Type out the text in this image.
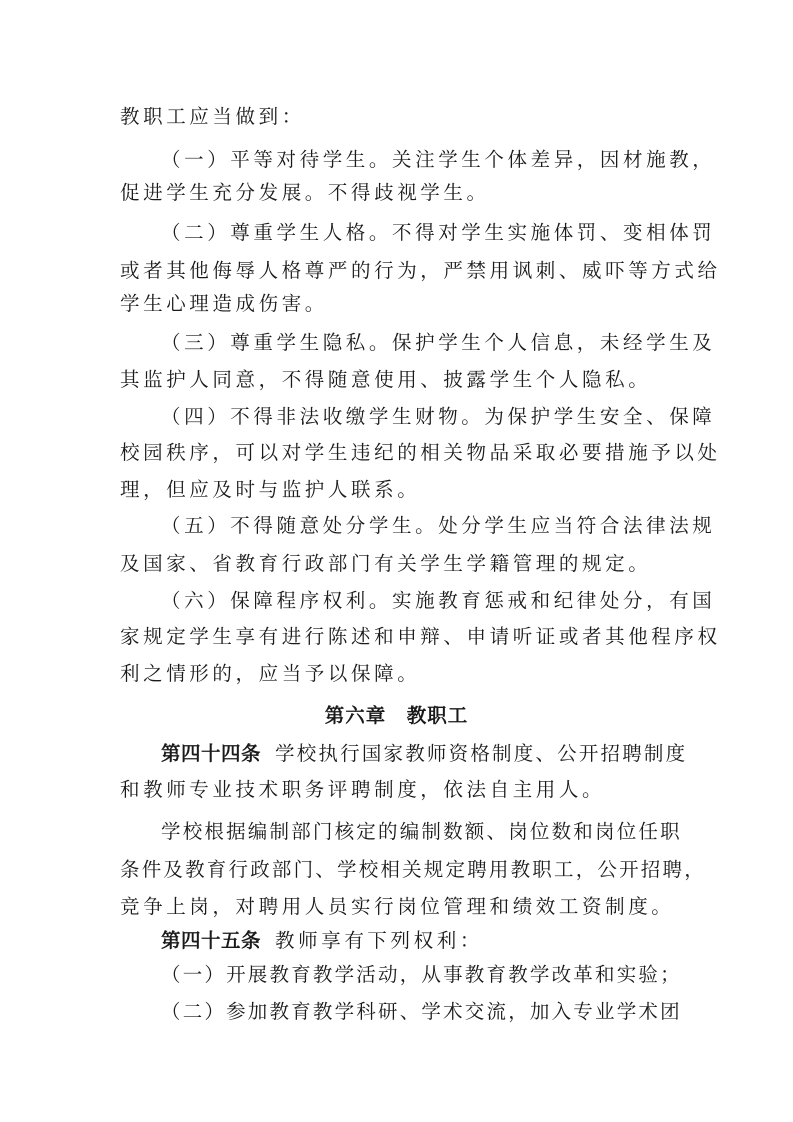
教职工应当做到：
（一）平等对待学生。关注学生个体差异，因材施教，
促进学生充分发展。不得歧视学生。
（二）尊重学生人格。不得对学生实施体罚、变相体罚
或者其他侮辱人格尊严的行为，严禁用讽刺、威吓等方式给
学生心理造成伤害。
（三）尊重学生隐私。保护学生个人信息，未经学生及
其监护人同意，不得随意使用、披露学生个人隐私。
（四）不得非法收缴学生财物。为保护学生安全、保障
校园秩序，可以对学生违纪的相关物品采取必要措施予以处
理，但应及时与监护人联系。
（五）不得随意处分学生。处分学生应当符合法律法规
及国家、省教育行政部门有关学生学籍管理的规定。
（六）保障程序权利。实施教育惩戒和纪律处分，有国
家规定学生享有进行陈述和申辩、申请听证或者其他程序权
利之情形的，应当予以保障。
第六章　教职工
第四十四条 学校执行国家教师资格制度、公开招聘制度
和教师专业技术职务评聘制度，依法自主用人。
学校根据编制部门核定的编制数额、岗位数和岗位任职
条件及教育行政部门、学校相关规定聘用教职工，公开招聘，
竞争上岗，对聘用人员实行岗位管理和绩效工资制度。
第四十五条 教师享有下列权利：
（一）开展教育教学活动，从事教育教学改革和实验；
（二）参加教育教学科研、学术交流，加入专业学术团
